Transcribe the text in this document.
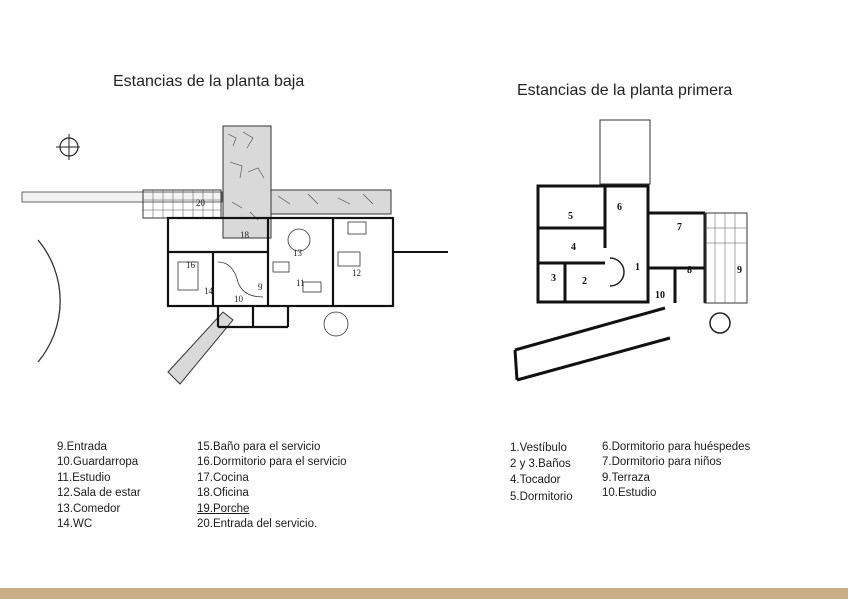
Estancias de la planta baja
Estancias de la planta primera
20
18
16
13
12
14
11
9
10
5
6
7
4
1	8	9
3	2
10
9.Entrada
10.Guardarropa
11.Estudio
12.Sala de estar
13.Comedor
14.WC
15.Baño para el servicio
16.Dormitorio para el servicio
17.Cocina
18.Oficina
19.Porche
20.Entrada del servicio.
1.Vestíbulo
2 y 3.Baños
4.Tocador
5.Dormitorio
6.Dormitorio para huéspedes
7.Dormitorio para niños
9.Terraza
10.Estudio
